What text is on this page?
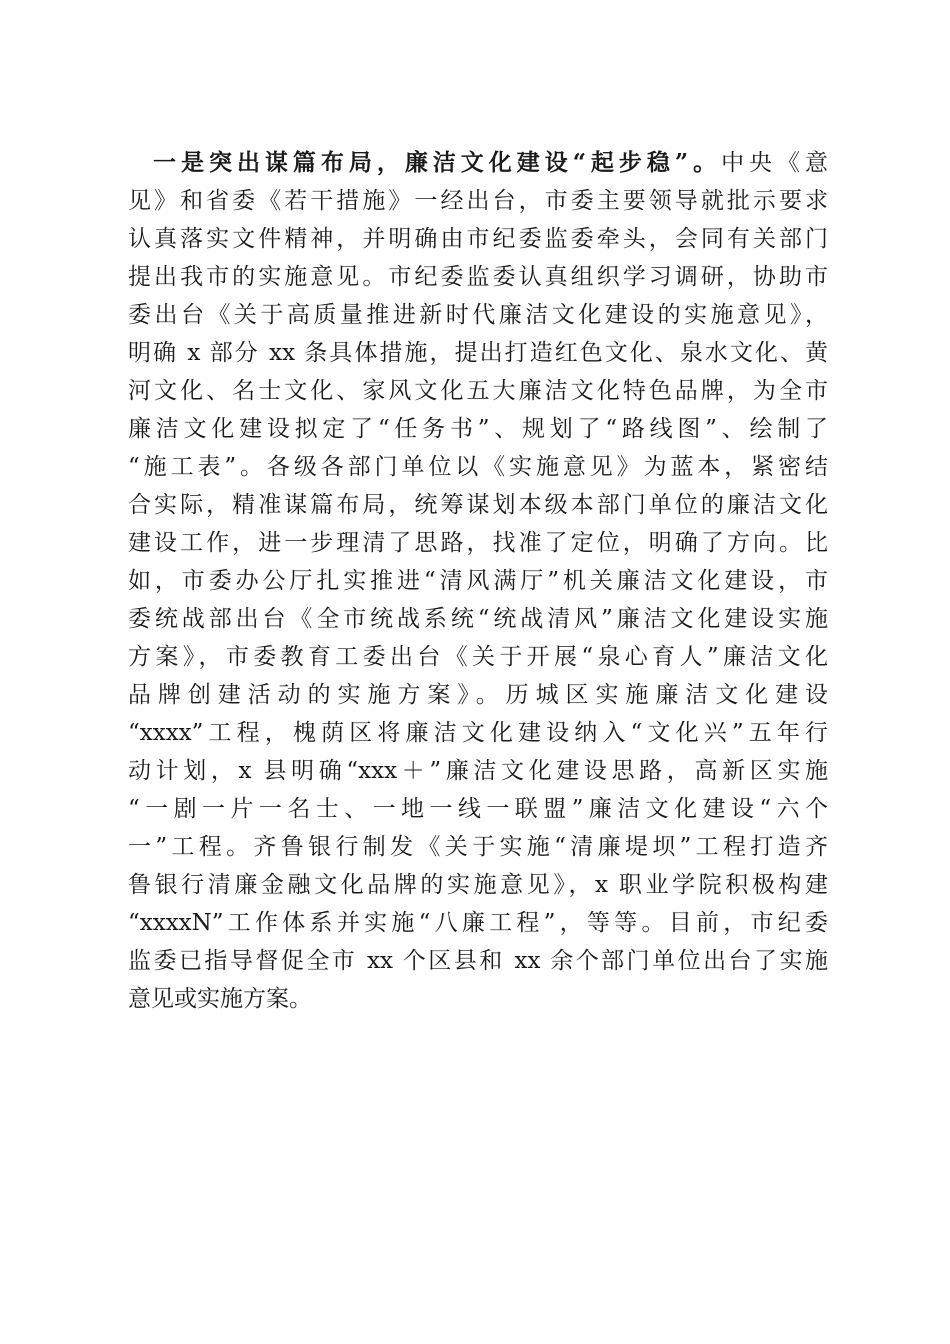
一是突出谋篇布局，廉洁文化建设“起步稳”。中央《意
见》和省委《若干措施》一经出台，市委主要领导就批示要求
认真落实文件精神，并明确由市纪委监委牵头，会同有关部门
提出我市的实施意见。市纪委监委认真组织学习调研，协助市
委出台《关于高质量推进新时代廉洁文化建设的实施意见》，
明确 x 部分 xx 条具体措施，提出打造红色文化、泉水文化、黄
河文化、名士文化、家风文化五大廉洁文化特色品牌，为全市
廉洁文化建设拟定了“任务书”、规划了“路线图”、绘制了
“施工表”。各级各部门单位以《实施意见》为蓝本，紧密结
合实际，精准谋篇布局，统筹谋划本级本部门单位的廉洁文化
建设工作，进一步理清了思路，找准了定位，明确了方向。比
如，市委办公厅扎实推进“清风满厅”机关廉洁文化建设，市
委统战部出台《全市统战系统“统战清风”廉洁文化建设实施
方案》，市委教育工委出台《关于开展“泉心育人”廉洁文化
品牌创建活动的实施方案》。历城区实施廉洁文化建设
“xxxx”工程，槐荫区将廉洁文化建设纳入“文化兴”五年行
动计划，x 县明确“xxx＋”廉洁文化建设思路，高新区实施
“一剧一片一名士、一地一线一联盟”廉洁文化建设“六个
一”工程。齐鲁银行制发《关于实施“清廉堤坝”工程打造齐
鲁银行清廉金融文化品牌的实施意见》，x 职业学院积极构建
“xxxxN”工作体系并实施“八廉工程”，等等。目前，市纪委
监委已指导督促全市 xx 个区县和 xx 余个部门单位出台了实施
意见或实施方案。
